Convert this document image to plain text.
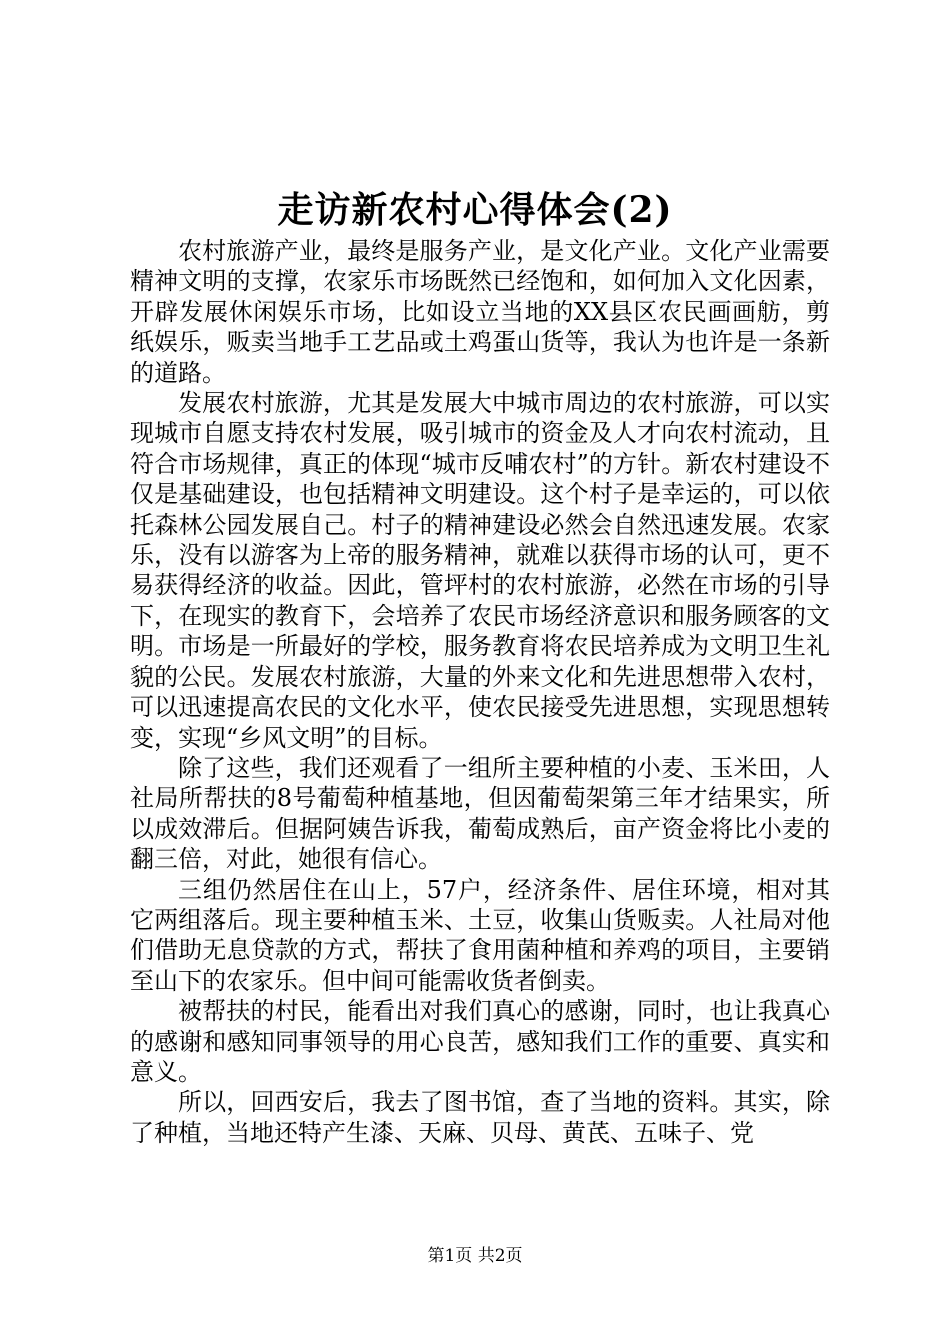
走访新农村心得体会(2)

农村旅游产业，最终是服务产业，是文化产业。文化产业需要精神文明的支撑，农家乐市场既然已经饱和，如何加入文化因素，开辟发展休闲娱乐市场，比如设立当地的XX县区农民画画舫，剪纸娱乐，贩卖当地手工艺品或土鸡蛋山货等，我认为也许是一条新的道路。

发展农村旅游，尤其是发展大中城市周边的农村旅游，可以实现城市自愿支持农村发展，吸引城市的资金及人才向农村流动，且符合市场规律，真正的体现“城市反哺农村”的方针。新农村建设不仅是基础建设，也包括精神文明建设。这个村子是幸运的，可以依托森林公园发展自己。村子的精神建设必然会自然迅速发展。农家乐，没有以游客为上帝的服务精神，就难以获得市场的认可，更不易获得经济的收益。因此，管坪村的农村旅游，必然在市场的引导下，在现实的教育下，会培养了农民市场经济意识和服务顾客的文明。市场是一所最好的学校，服务教育将农民培养成为文明卫生礼貌的公民。发展农村旅游，大量的外来文化和先进思想带入农村，可以迅速提高农民的文化水平，使农民接受先进思想，实现思想转变，实现“乡风文明”的目标。

除了这些，我们还观看了一组所主要种植的小麦、玉米田，人社局所帮扶的8号葡萄种植基地，但因葡萄架第三年才结果实，所以成效滞后。但据阿姨告诉我，葡萄成熟后，亩产资金将比小麦的翻三倍，对此，她很有信心。

三组仍然居住在山上，57户，经济条件、居住环境，相对其它两组落后。现主要种植玉米、土豆，收集山货贩卖。人社局对他们借助无息贷款的方式，帮扶了食用菌种植和养鸡的项目，主要销至山下的农家乐。但中间可能需收货者倒卖。

被帮扶的村民，能看出对我们真心的感谢，同时，也让我真心的感谢和感知同事领导的用心良苦，感知我们工作的重要、真实和意义。

所以，回西安后，我去了图书馆，查了当地的资料。其实，除了种植，当地还特产生漆、天麻、贝母、黄芪、五味子、党

第1页 共2页
